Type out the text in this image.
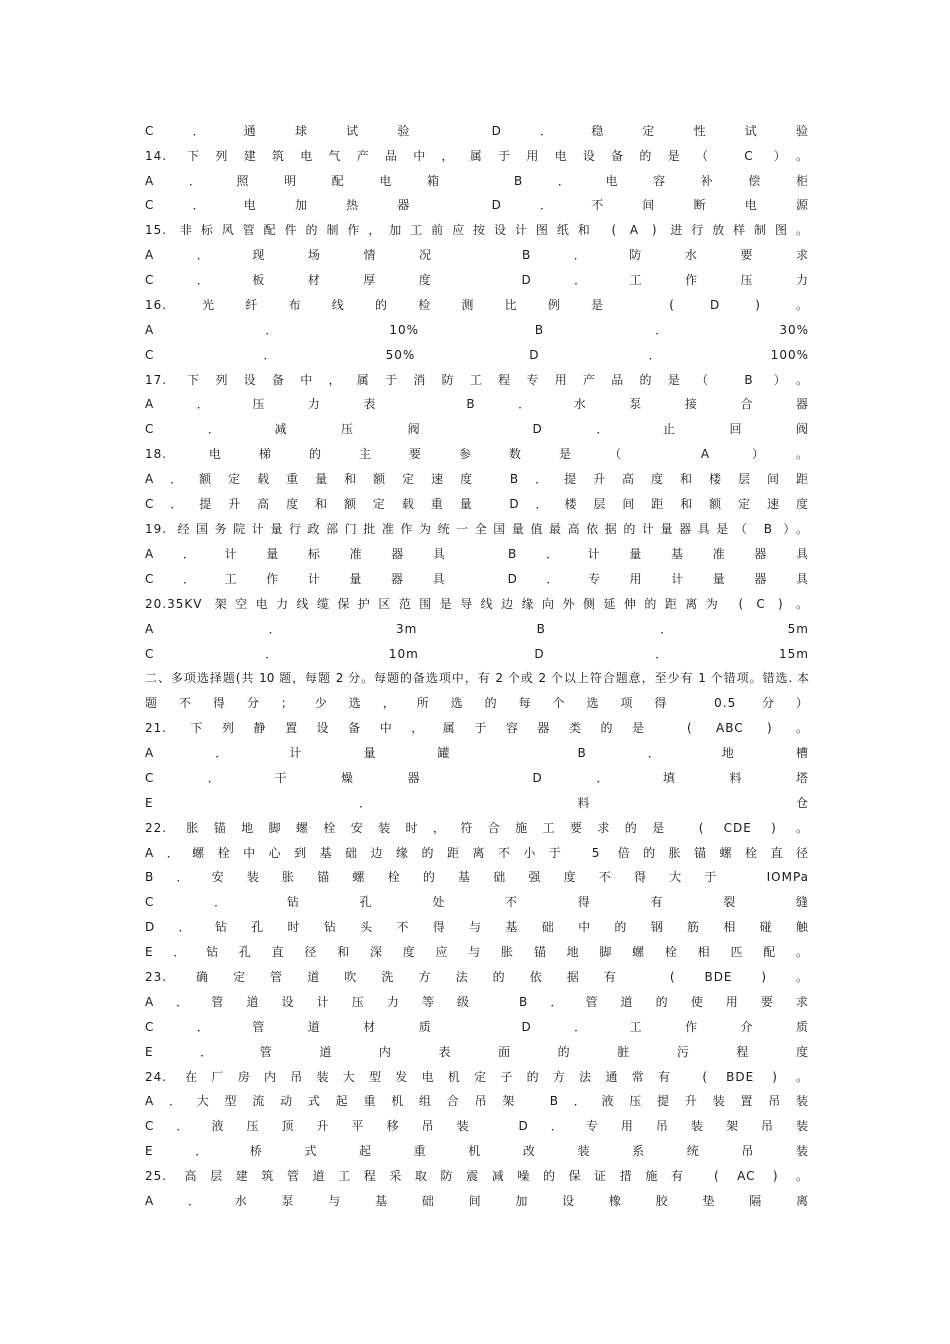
C．通球试验 D．稳定性试验
14. 下列建筑电气产品中，属于用电设备的是（ C ）。
A．照明配电箱 B．电容补偿柜
C．电加热器 D．不间断电源
15. 非标风管配件的制作，加工前应按设计图纸和 ( A ) 进行放样制图。
A．现场情况 B．防水要求
C．板材厚度 D．工作压力
16. 光纤布线的检测比例是 ( D ) 。
A．10% B．30%
C．50% D．100%
17. 下列设备中，属于消防工程专用产品的是（ B ）。
A．压力表 B．水泵接合器
C．减压阀 D．止回阀
18. 电梯的主要参数是（ A ）。
A．额定载重量和额定速度 B．提升高度和楼层间距
C．提升高度和额定载重量 D．楼层间距和额定速度
19. 经国务院计量行政部门批准作为统一全国量值最高依据的计量器具是（ B ）。
A．计量标准器具 B．计量基准器具
C．工作计量器具 D．专用计量器具
20.35KV 架空电力线缆保护区范围是导线边缘向外侧延伸的距离为 ( C ) 。
A．3m B．5m
C．10m D．15m
二、多项选择题(共 10 题，每题 2 分。每题的备选项中，有 2 个或 2 个以上符合题意，至少有 1 个错项。错选. 本
题不得分；少选，所选的每个选项得 0.5 分）
21. 下列静置设备中，属于容器类的是 ( ABC ) 。
A．计量罐 B．地槽
C．干燥器 D．填料塔
E．料仓
22. 胀锚地脚螺栓安装时，符合施工要求的是 ( CDE ) 。
A．螺栓中心到基础边缘的距离不小于 5 倍的胀锚螺栓直径
B．安装胀锚螺栓的基础强度不得大于 IOMPa
C．钻孔处不得有裂缝
D．钻孔时钻头不得与基础中的钢筋相碰触
E．钻孔直径和深度应与胀锚地脚螺栓相匹配。
23. 确定管道吹洗方法的依据有 ( BDE ) 。
A．管道设计压力等级 B．管道的使用要求
C．管道材质 D．工作介质
E．管道内表面的脏污程度
24. 在厂房内吊装大型发电机定子的方法通常有 ( BDE ) 。
A．大型流动式起重机组合吊架 B．液压提升装置吊装
C．液压顶升平移吊装 D．专用吊装架吊装
E．桥式起重机改装系统吊装
25. 高层建筑管道工程采取防震减噪的保证措施有 ( AC ) 。
A．水泵与基础间加设橡胶垫隔离
